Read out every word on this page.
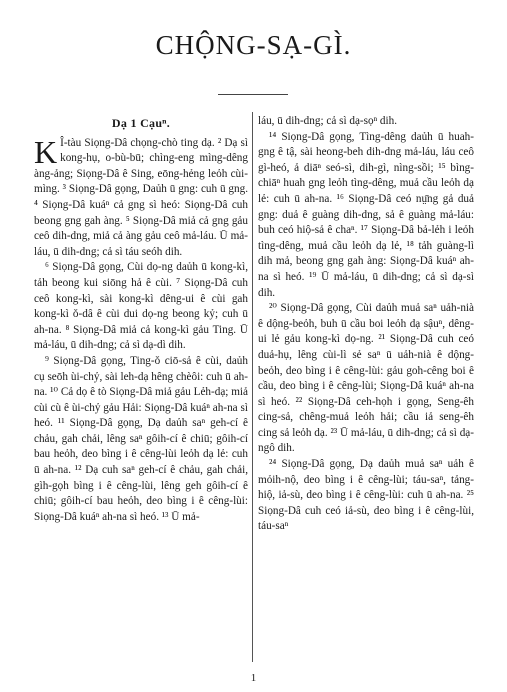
CHỘNG-SẠ-GÌ.
Dạ 1 Cạuⁿ.

K Î-tàu Siọng-Dâ chọng-chò ting dạ. ² Dạ sì kong-hụ, o-bù-bū; chìng-eng mìng-dêng àng-ảng; Siọng-Dâ ê Sing, eōng-hẻng leỏh cùi-mìng. ³ Siọng-Dâ gọng, Daủh ū gng: cuh ū gng. ⁴ Siọng-Dâ kuáⁿ cả gng sì heó: Siọng-Dâ cuh beong gng gah àng. ⁵ Siọng-Dâ miả cả gng gảu ceô dih-dng, miả cả àng gảu ceô mả-láu. Ū mả-láu, ū dih-dng; cả sì táu seóh dih.

⁶ Siọng-Dâ gọng, Cùi dọ-ng daủh ū kong-kì, tảh beong kui siōng hả ê cùi. ⁷ Siọng-Dâ cuh ceô kong-kì, sài kong-kì dêng-ui ê cùi gah kong-kì ǒ-dâ ê cùi dui dọ-ng beong kỷ; cuh ū ah-na. ⁸ Siọng-Dâ miả cả kong-kì gảu Ting. Ū mả-láu, ū dih-dng; cả sì dạ-dì dih.

⁹ Siọng-Dâ gọng, Ting-ǒ ciō-sả ê cùi, daủh cụ seōh ùi-chỷ, sài leh-dạ hêng chèôi: cuh ū ah-na. ¹⁰ Cả dọ ê tò Siọng-Dâ miả gảu Lẻh-dạ; miả cùi cù ê ùi-chỷ gảu Hải: Siọng-Dâ kuáⁿ ah-na sì heó. ¹¹ Siọng-Dâ gọng, Dạ daủh saⁿ geh-cí ê chảu, gah chải, lêng saⁿ gôih-cí ê chiū; gôih-cí bau heỏh, deo bìng i ê cêng-lùi leỏh dạ lẻ: cuh ū ah-na. ¹² Dạ cuh saⁿ geh-cí ê chảu, gah chải, gìh-gọh bìng i ê cêng-lùi, lêng geh gôih-cí ê chiū; gôih-cí bau heỏh, deo bìng i ê cêng-lùi: Siọng-Dâ kuáⁿ ah-na sì heó. ¹³ Ū mả-

láu, ū dih-dng; cả sì dạ-sọⁿ dih.

¹⁴ Siọng-Dâ gọng, Tìng-dêng daủh ū huah-gng ê tậ, sài heong-beh dih-dng mả-láu, láu ceô gì-heó, ả diāⁿ seó-sì, dih-gì, nìng-sồi; ¹⁵ bìng-chiāⁿ huah gng leỏh tìng-dêng, muả cầu leỏh dạ lẻ: cuh ū ah-na. ¹⁶ Siọng-Dâ ceó nṳ̄ng gả duả gng: duả ê guàng dih-dng, sả ê guàng mả-láu: buh ceó hiộ-sả ê chaⁿ. ¹⁷ Siọng-Dâ bả-lẻh i leỏh tìng-dêng, muả cầu leỏh dạ lẻ, ¹⁸ tảh guàng-lì dih mả, beong gng gah àng: Siọng-Dâ kuáⁿ ah-na sì heó. ¹⁹ Ū mả-láu, ū dih-dng; cả sì dạ-sì dih.

²⁰ Siọng-Dâ gọng, Cùi daủh muả saⁿ uảh-nià ê dộng-beỏh, buh ū cầu boi leỏh dạ sậuⁿ, dêng-ui lẻ gảu kong-kì dọ-ng. ²¹ Siọng-Dâ cuh ceó duả-hụ, lêng cùi-lì sẻ saⁿ ū uảh-nià ê dộng-beỏh, deo bìng i ê cêng-lùi: gảu goh-cêng boi ê cầu, deo bìng i ê cêng-lùi; Siọng-Dâ kuáⁿ ah-na sì heó. ²² Siọng-Dâ ceh-họh i gọng, Seng-êh cing-sả, chêng-muả leỏh hải; cầu iả seng-êh cing sả leỏh dạ. ²³ Ū mả-láu, ū dih-dng; cả sì dạ-ngô dih.

²⁴ Siọng-Dâ gọng, Dạ daủh muả saⁿ uảh ê mỏih-nộ, deo bìng i ê cêng-lùi; táu-saⁿ, tảng-hiộ, iả-sù, deo bìng i ê cêng-lùi: cuh ū ah-na. ²⁵ Siọng-Dâ cuh ceó iả-sù, deo bìng i ê cêng-lùi, táu-saⁿ

1
